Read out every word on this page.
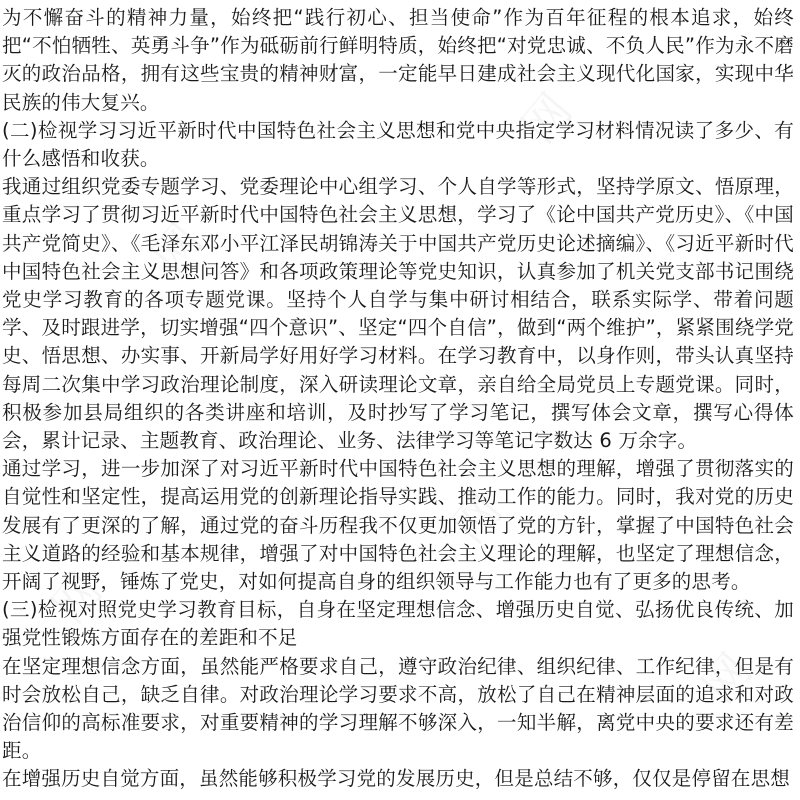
为不懈奋斗的精神力量，始终把“践行初心、担当使命”作为百年征程的根本追求，始终把“不怕牺牲、英勇斗争”作为砥砺前行鲜明特质，始终把“对党忠诚、不负人民”作为永不磨灭的政治品格，拥有这些宝贵的精神财富，一定能早日建成社会主义现代化国家，实现中华民族的伟大复兴。

(二)检视学习习近平新时代中国特色社会主义思想和党中央指定学习材料情况读了多少、有什么感悟和收获。

我通过组织党委专题学习、党委理论中心组学习、个人自学等形式，坚持学原文、悟原理，重点学习了贯彻习近平新时代中国特色社会主义思想，学习了《论中国共产党历史》、《中国共产党简史》、《毛泽东邓小平江泽民胡锦涛关于中国共产党历史论述摘编》、《习近平新时代中国特色社会主义思想问答》和各项政策理论等党史知识，认真参加了机关党支部书记围绕党史学习教育的各项专题党课。坚持个人自学与集中研讨相结合，联系实际学、带着问题学、及时跟进学，切实增强“四个意识”、坚定“四个自信”，做到“两个维护”，紧紧围绕学党史、悟思想、办实事、开新局学好用好学习材料。在学习教育中，以身作则，带头认真坚持每周二次集中学习政治理论制度，深入研读理论文章，亲自给全局党员上专题党课。同时，积极参加县局组织的各类讲座和培训，及时抄写了学习笔记，撰写体会文章，撰写心得体会，累计记录、主题教育、政治理论、业务、法律学习等笔记字数达 6 万余字。

通过学习，进一步加深了对习近平新时代中国特色社会主义思想的理解，增强了贯彻落实的自觉性和坚定性，提高运用党的创新理论指导实践、推动工作的能力。同时，我对党的历史发展有了更深的了解，通过党的奋斗历程我不仅更加领悟了党的方针，掌握了中国特色社会主义道路的经验和基本规律，增强了对中国特色社会主义理论的理解，也坚定了理想信念，开阔了视野，锤炼了党史，对如何提高自身的组织领导与工作能力也有了更多的思考。

(三)检视对照党史学习教育目标，自身在坚定理想信念、增强历史自觉、弘扬优良传统、加强党性锻炼方面存在的差距和不足

在坚定理想信念方面，虽然能严格要求自己，遵守政治纪律、组织纪律、工作纪律，但是有时会放松自己，缺乏自律。对政治理论学习要求不高，放松了自己在精神层面的追求和对政治信仰的高标准要求，对重要精神的学习理解不够深入，一知半解，离党中央的要求还有差距。

在增强历史自觉方面，虽然能够积极学习党的发展历史，但是总结不够，仅仅是停留在思想
